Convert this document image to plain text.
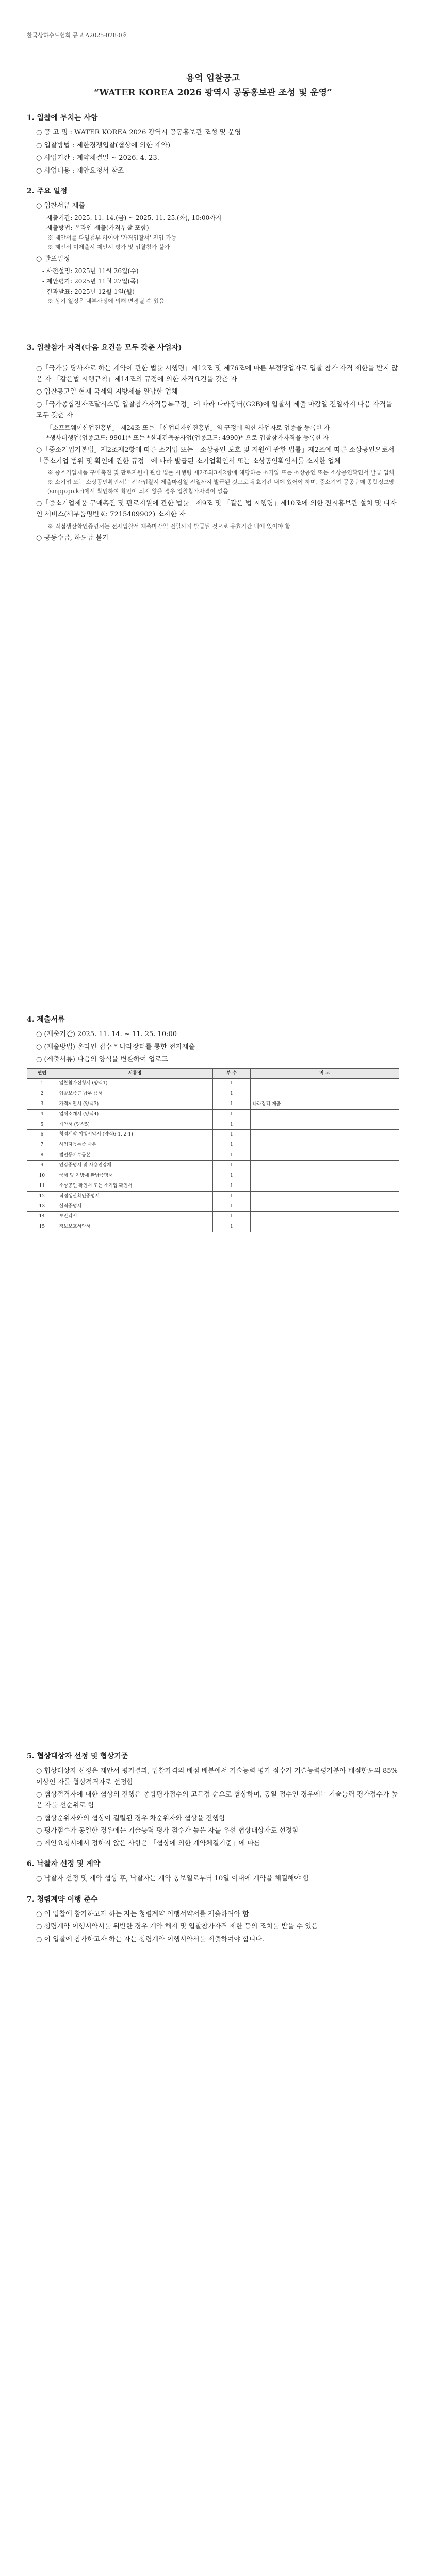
한국상하수도협회 공고 A2025-028-0호

용역 입찰공고

“WATER KOREA 2026 광역시 공동홍보관 조성 및 운영”

1. 입찰에 부치는 사항
○ 공 고 명 : WATER KOREA 2026 광역시 공동홍보관 조성 및 운영
○ 입찰방법 : 제한경쟁입찰(협상에 의한 계약)
○ 사업기간 : 계약체결일 ~ 2026. 4. 23.
○ 사업내용 : 제안요청서 참조
2. 주요 일정
○ 입찰서류 제출
- 제출기간: 2025. 11. 14.(금) ~ 2025. 11. 25.(화), 10:00까지
- 제출방법: 온라인 제출(가격투찰 포함)
※ 제안서를 파일첨부 하여야 '가격입찰서' 진입 가능
※ 제안서 미제출시 제안서 평가 및 입찰참가 불가
○ 발표일정
- 사전설명: 2025년 11월 26일(수)
- 제안평가: 2025년 11월 27일(목)
- 결과발표: 2025년 12월 1일(월)
※ 상기 일정은 내부사정에 의해 변경될 수 있음
3. 입찰참가 자격(다음 요건을 모두 갖춘 사업자)
○「국가를 당사자로 하는 계약에 관한 법률 시행령」제12조 및 제76조에 따른 부정당업자로 입찰 참가 자격 제한을 받지 않은 자 「같은법 시행규칙」제14조의 규정에 의한 자격요건을 갖춘 자
○ 입찰공고일 현재 국세와 지방세를 완납한 업체
○「국가종합전자조달시스템 입찰참가자격등록규정」에 따라 나라장터(G2B)에 입찰서 제출 마감일 전일까지 다음 자격을 모두 갖춘 자
- 「소프트웨어산업진흥법」 제24조 또는 「산업디자인진흥법」의 규정에 의한 사업자로 업종을 등록한 자
- *행사대행업(업종코드: 9901)* 또는 *실내건축공사업(업종코드: 4990)* 으로 입찰참가자격을 등록한 자
○「중소기업기본법」제2조제2항에 따른 소기업 또는「소상공인 보호 및 지원에 관한 법률」제2조에 따른 소상공인으로서「중소기업 범위 및 확인에 관한 규정」에 따라 발급된 소기업확인서 또는 소상공인확인서를 소지한 업체
※ 중소기업제품 구매촉진 및 판로지원에 관한 법률 시행령 제2조의3제2항에 해당하는 소기업 또는 소상공인 또는 소상공인확인서 발급 업체
※ 소기업 또는 소상공인확인서는 전자입찰시 제출마감일 전일까지 발급된 것으로 유효기간 내에 있어야 하며, 중소기업 공공구매 종합정보망(smpp.go.kr)에서 확인하여 확인이 되지 않을 경우 입찰참가자격이 없음
○「중소기업제품 구매촉진 및 판로지원에 관한 법률」제9조 및 「같은 법 시행령」제10조에 의한 전시홍보관 설치 및 디자인 서비스(세부품명번호: 7215409902) 소지한 자
※ 직접생산확인증명서는 전자입찰서 제출마감일 전일까지 발급된 것으로 유효기간 내에 있어야 함
○ 공동수급, 하도급 불가
4. 제출서류
○ (제출기간) 2025. 11. 14. ~ 11. 25. 10:00
○ (제출방법) 온라인 접수 * 나라장터를 통한 전자제출
○ (제출서류) 다음의 양식을 변환하여 업로드
연번	서류명	부 수	비 고
1	입찰참가신청서 (양식1)	1	
2	입찰보증금 납부 증서	1	
3	가격제안서 (양식3)	1	나라장터 제출
4	업체소개서 (양식4)	1	
5	제안서 (양식5)	1	
6	청렴계약 이행서약서 (양식6-1, 2-1)	1	
7	사업자등록증 사본	1	
8	법인등기부등본	1	
9	인감증명서 및 사용인감계	1	
10	국세 및 지방세 완납증명서	1	
11	소상공인 확인서 또는 소기업 확인서	1	
12	직접생산확인증명서	1	
13	실적증명서	1	
14	보안각서	1	
15	정보보호서약서	1	
5. 협상대상자 선정 및 협상기준
○ 협상대상자 선정은 제안서 평가결과, 입찰가격의 배점 배분에서 기술능력 평가 점수가 기술능력평가분야 배점한도의 85% 이상인 자를 협상적격자로 선정함
○ 협상적격자에 대한 협상의 진행은 종합평가점수의 고득점 순으로 협상하며, 동일 점수인 경우에는 기술능력 평가점수가 높은 자를 선순위로 함
○ 협상순위자와의 협상이 결렬된 경우 차순위자와 협상을 진행함
○ 평가점수가 동일한 경우에는 기술능력 평가 점수가 높은 자를 우선 협상대상자로 선정함
○ 제안요청서에서 정하지 않은 사항은 「협상에 의한 계약체결기준」에 따름
6. 낙찰자 선정 및 계약
○ 낙찰자 선정 및 계약 협상 후, 낙찰자는 계약 통보일로부터 10일 이내에 계약을 체결해야 함
7. 청렴계약 이행 준수
○ 이 입찰에 참가하고자 하는 자는 청렴계약 이행서약서를 제출하여야 함
○ 청렴계약 이행서약서를 위반한 경우 계약 해지 및 입찰참가자격 제한 등의 조치를 받을 수 있음
○ 이 입찰에 참가하고자 하는 자는 청렴계약 이행서약서를 제출하여야 합니다.
